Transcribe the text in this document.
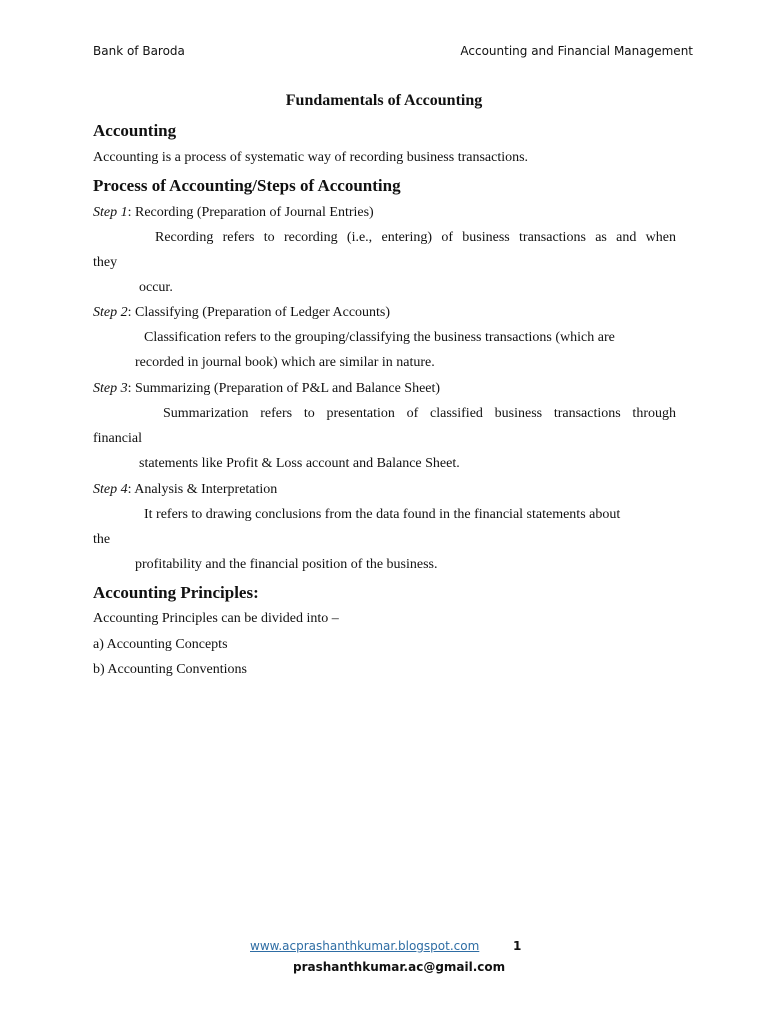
Bank of Baroda	Accounting and Financial Management
Fundamentals of Accounting
Accounting
Accounting is a process of systematic way of recording business transactions.
Process of Accounting/Steps of Accounting
Step 1: Recording (Preparation of Journal Entries)
Recording refers to recording (i.e., entering) of business transactions as and when
they
occur.
Step 2: Classifying (Preparation of Ledger Accounts)
Classification refers to the grouping/classifying the business transactions (which are
recorded in journal book) which are similar in nature.
Step 3: Summarizing (Preparation of P&L and Balance Sheet)
Summarization refers to presentation of classified business transactions through
financial
statements like Profit & Loss account and Balance Sheet.
Step 4: Analysis & Interpretation
It refers to drawing conclusions from the data found in the financial statements about
the
profitability and the financial position of the business.
Accounting Principles:
Accounting Principles can be divided into –
a) Accounting Concepts
b) Accounting Conventions
www.acprashanthkumar.blogspot.com	1
prashanthkumar.ac@gmail.com
